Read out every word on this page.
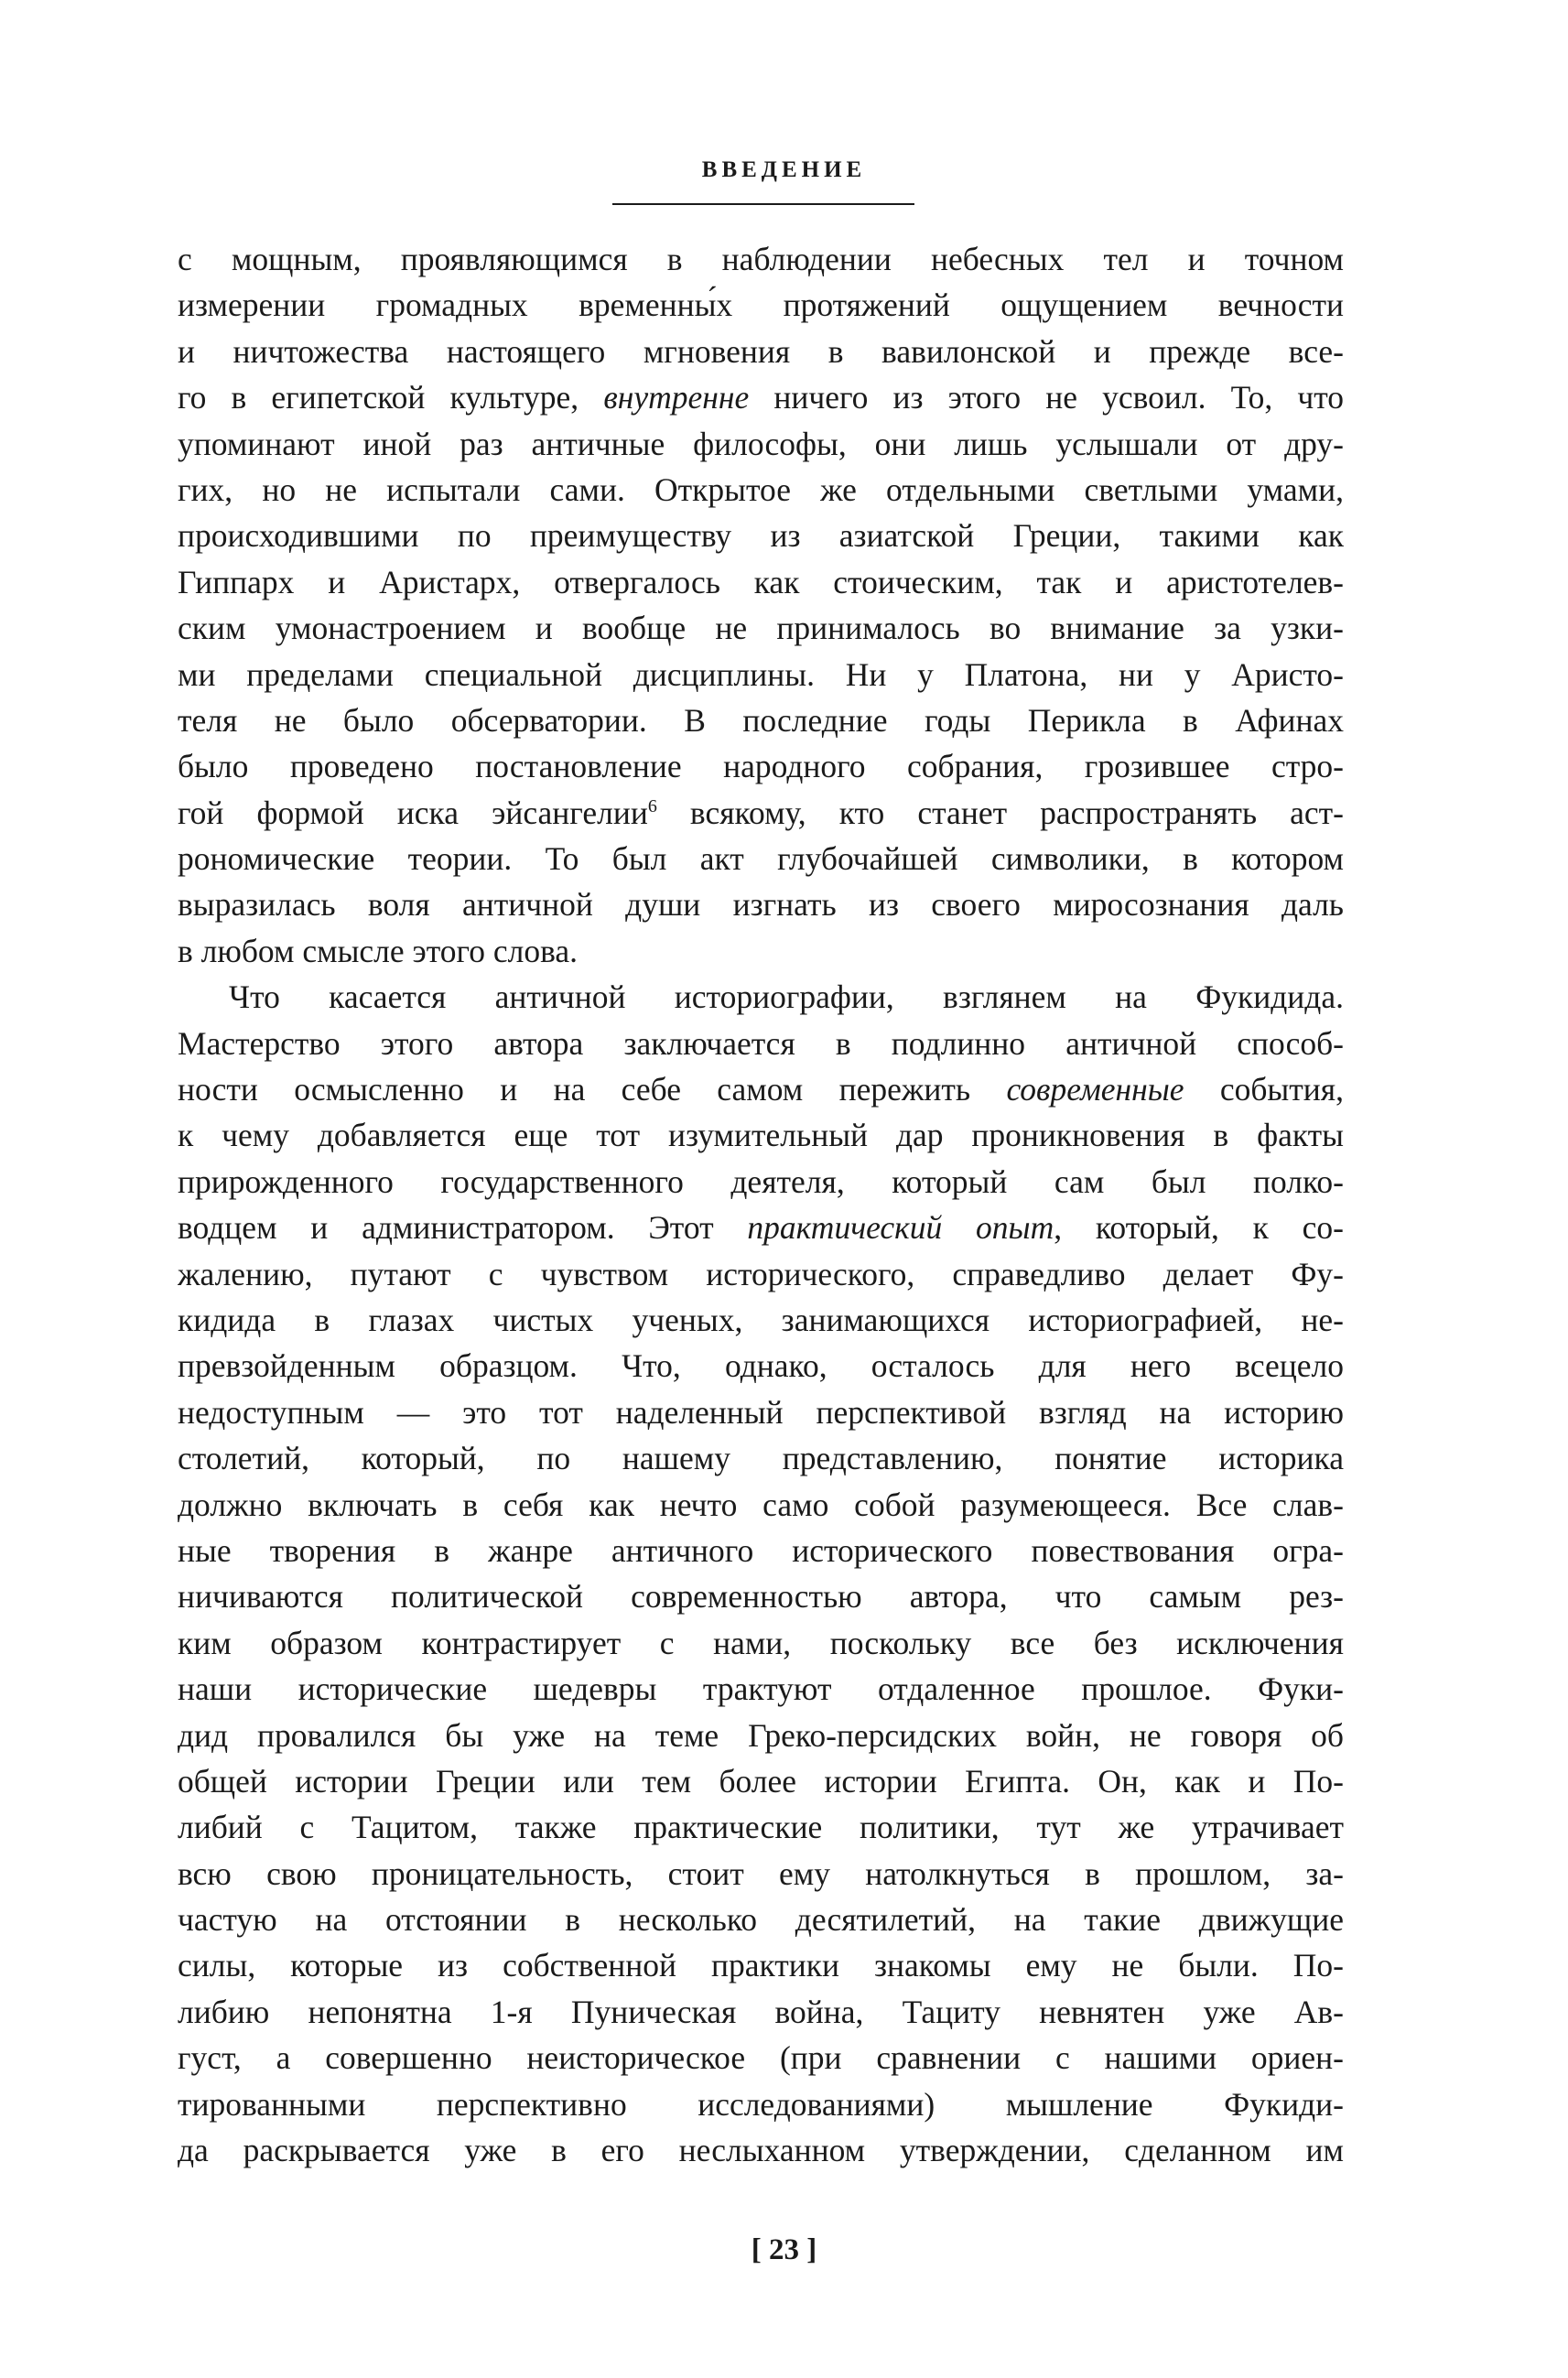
ВВЕДЕНИЕ
с мощным, проявляющимся в наблюдении небесных тел и точном
измерении громадных временны́х протяжений ощущением вечности
и ничтожества настоящего мгновения в вавилонской и прежде все-
го в египетской культуре, внутренне ничего из этого не усвоил. То, что
упоминают иной раз античные философы, они лишь услышали от дру-
гих, но не испытали сами. Открытое же отдельными светлыми умами,
происходившими по преимуществу из азиатской Греции, такими как
Гиппарх и Аристарх, отвергалось как стоическим, так и аристотелев-
ским умонастроением и вообще не принималось во внимание за узки-
ми пределами специальной дисциплины. Ни у Платона, ни у Аристо-
теля не было обсерватории. В последние годы Перикла в Афинах
было проведено постановление народного собрания, грозившее стро-
гой формой иска эйсангелии$^6$ всякому, кто станет распространять аст-
рономические теории. То был акт глубочайшей символики, в котором
выразилась воля античной души изгнать из своего миросознания даль
в любом смысле этого слова.
Что касается античной историографии, взглянем на Фукидида.
Мастерство этого автора заключается в подлинно античной способ-
ности осмысленно и на себе самом пережить современные события,
к чему добавляется еще тот изумительный дар проникновения в факты
прирожденного государственного деятеля, который сам был полко-
водцем и администратором. Этот практический опыт, который, к со-
жалению, путают с чувством исторического, справедливо делает Фу-
кидида в глазах чистых ученых, занимающихся историографией, не-
превзойденным образцом. Что, однако, осталось для него всецело
недоступным — это тот наделенный перспективой взгляд на историю
столетий, который, по нашему представлению, понятие историка
должно включать в себя как нечто само собой разумеющееся. Все слав-
ные творения в жанре античного исторического повествования огра-
ничиваются политической современностью автора, что самым рез-
ким образом контрастирует с нами, поскольку все без исключения
наши исторические шедевры трактуют отдаленное прошлое. Фуки-
дид провалился бы уже на теме Греко-персидских войн, не говоря об
общей истории Греции или тем более истории Египта. Он, как и По-
либий с Тацитом, также практические политики, тут же утрачивает
всю свою проницательность, стоит ему натолкнуться в прошлом, за-
частую на отстоянии в несколько десятилетий, на такие движущие
силы, которые из собственной практики знакомы ему не были. По-
либию непонятна 1-я Пуническая война, Тациту невнятен уже Ав-
густ, а совершенно неисторическое (при сравнении с нашими ориен-
тированными перспективно исследованиями) мышление Фукиди-
да раскрывается уже в его неслыханном утверждении, сделанном им
[ 23 ]
